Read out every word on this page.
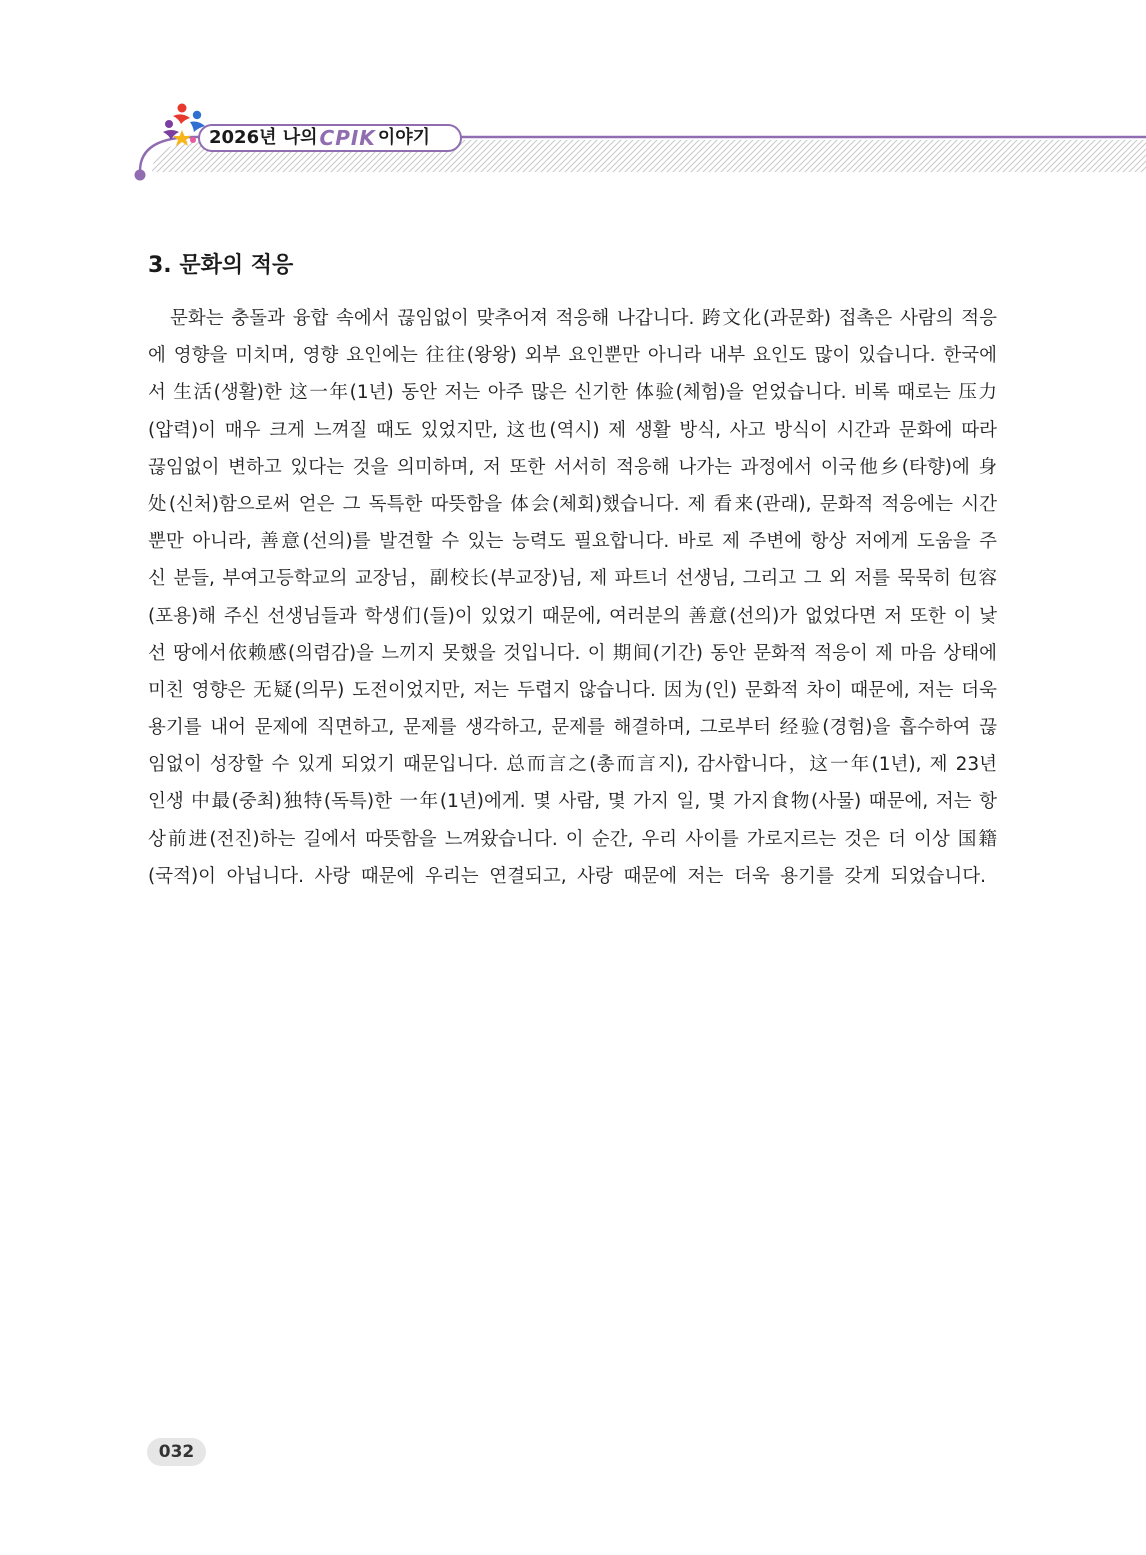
2026년 나의 CPIK 이야기
3. 문화의 적응
문화는 충돌과 융합 속에서 끊임없이 맞추어져 적응해 나갑니다. 跨文化(과문화) 접촉은 사람의 적응
에 영향을 미치며, 영향 요인에는 往往(왕왕) 외부 요인뿐만 아니라 내부 요인도 많이 있습니다. 한국에
서 生活(생활)한 这一年(1년) 동안 저는 아주 많은 신기한 体验(체험)을 얻었습니다. 비록 때로는 压力
(압력)이 매우 크게 느껴질 때도 있었지만, 这也(역시) 제 생활 방식, 사고 방식이 시간과 문화에 따라
끊임없이 변하고 있다는 것을 의미하며, 저 또한 서서히 적응해 나가는 과정에서 이국他乡(타향)에 身
处(신처)함으로써 얻은 그 독특한 따뜻함을 体会(체회)했습니다. 제 看来(관래), 문화적 적응에는 시간
뿐만 아니라, 善意(선의)를 발견할 수 있는 능력도 필요합니다. 바로 제 주변에 항상 저에게 도움을 주
신 분들, 부여고등학교의 교장님，副校长(부교장)님, 제 파트너 선생님, 그리고 그 외 저를 묵묵히 包容
(포용)해 주신 선생님들과 학생们(들)이 있었기 때문에, 여러분의 善意(선의)가 없었다면 저 또한 이 낯
선 땅에서依赖感(의렴감)을 느끼지 못했을 것입니다. 이 期间(기간) 동안 문화적 적응이 제 마음 상태에
미친 영향은 无疑(의무) 도전이었지만, 저는 두렵지 않습니다. 因为(인) 문화적 차이 때문에, 저는 더욱
용기를 내어 문제에 직면하고, 문제를 생각하고, 문제를 해결하며, 그로부터 经验(경험)을 흡수하여 끊
임없이 성장할 수 있게 되었기 때문입니다. 总而言之(총而言지), 감사합니다，这一年(1년), 제 23년
인생 中最(중최)独特(독특)한 一年(1년)에게. 몇 사람, 몇 가지 일, 몇 가지食物(사물) 때문에, 저는 항
상前进(전진)하는 길에서 따뜻함을 느껴왔습니다. 이 순간, 우리 사이를 가로지르는 것은 더 이상 国籍
(국적)이 아닙니다. 사랑 때문에 우리는 연결되고, 사랑 때문에 저는 더욱 용기를 갖게 되었습니다.
032
